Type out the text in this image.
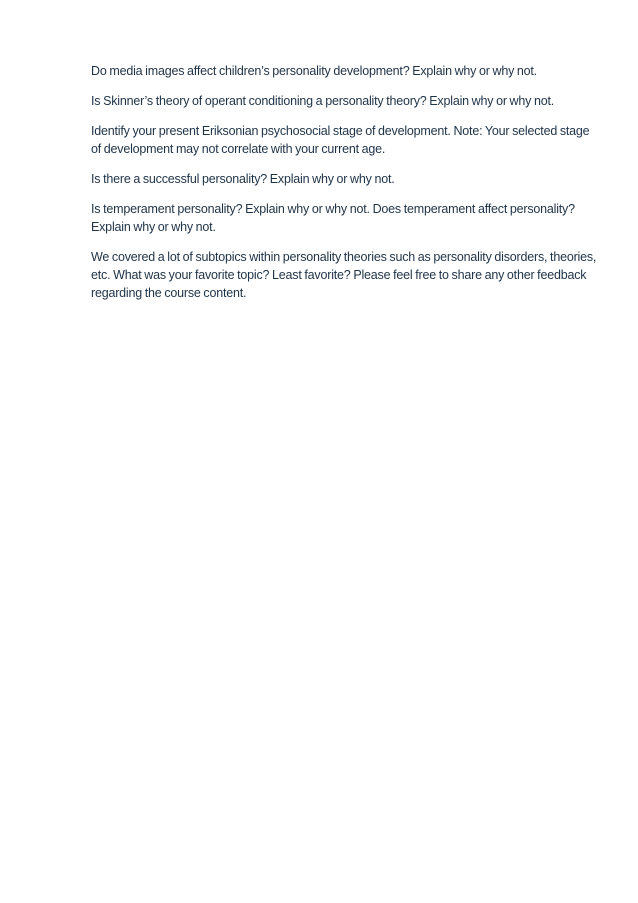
Do media images affect children’s personality development? Explain why or why not.

Is Skinner’s theory of operant conditioning a personality theory? Explain why or why not.

Identify your present Eriksonian psychosocial stage of development. Note: Your selected stage of development may not correlate with your current age.

Is there a successful personality? Explain why or why not.

Is temperament personality? Explain why or why not. Does temperament affect personality? Explain why or why not.

We covered a lot of subtopics within personality theories such as personality disorders, theories, etc. What was your favorite topic? Least favorite? Please feel free to share any other feedback regarding the course content.
